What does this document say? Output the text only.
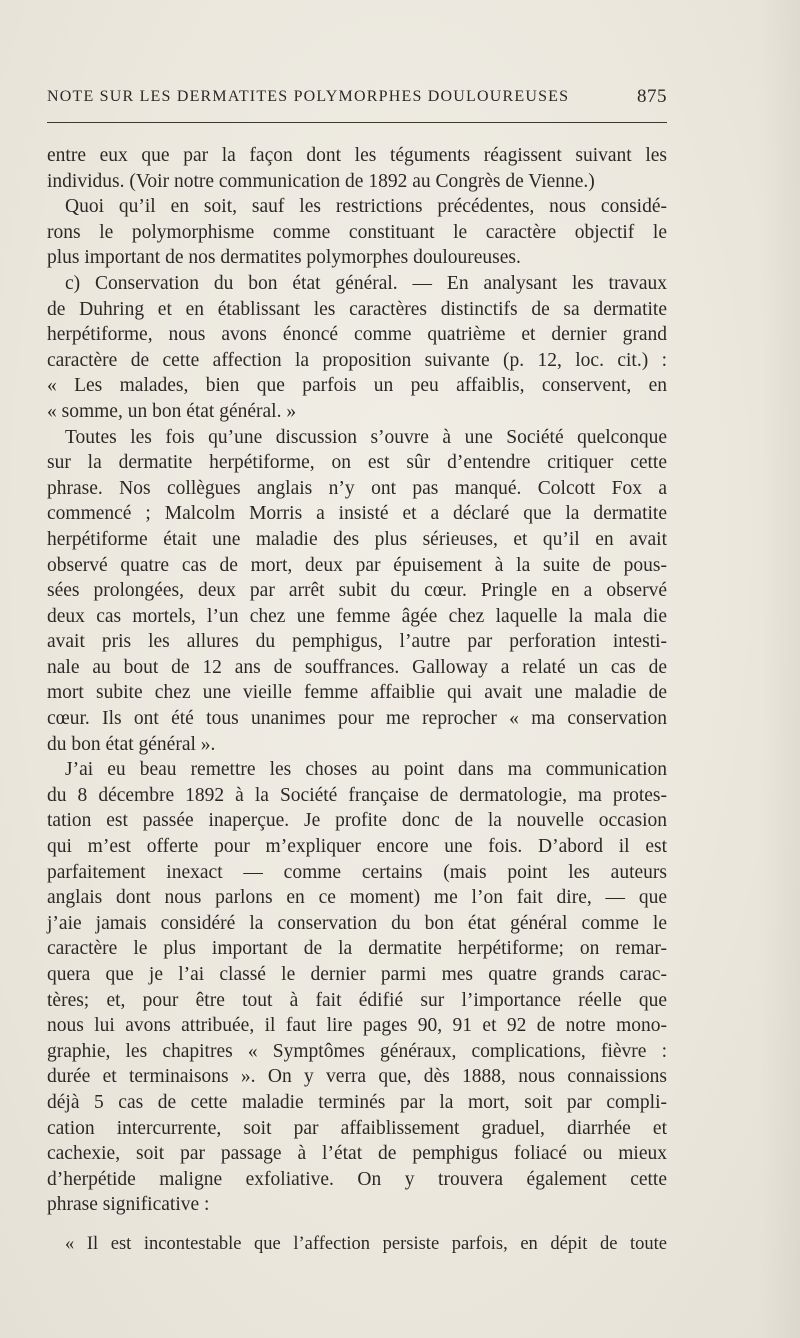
NOTE SUR LES DERMATITES POLYMORPHES DOULOUREUSES	875
entre eux que par la façon dont les téguments réagissent suivant les
individus. (Voir notre communication de 1892 au Congrès de Vienne.)
Quoi qu’il en soit, sauf les restrictions précédentes, nous considé-
rons le polymorphisme comme constituant le caractère objectif le
plus important de nos dermatites polymorphes douloureuses.
c) Conservation du bon état général. — En analysant les travaux
de Duhring et en établissant les caractères distinctifs de sa dermatite
herpétiforme, nous avons énoncé comme quatrième et dernier grand
caractère de cette affection la proposition suivante (p. 12, loc. cit.) :
« Les malades, bien que parfois un peu affaiblis, conservent, en
« somme, un bon état général. »
Toutes les fois qu’une discussion s’ouvre à une Société quelconque
sur la dermatite herpétiforme, on est sûr d’entendre critiquer cette
phrase. Nos collègues anglais n’y ont pas manqué. Colcott Fox a
commencé ; Malcolm Morris a insisté et a déclaré que la dermatite
herpétiforme était une maladie des plus sérieuses, et qu’il en avait
observé quatre cas de mort, deux par épuisement à la suite de pous-
sées prolongées, deux par arrêt subit du cœur. Pringle en a observé
deux cas mortels, l’un chez une femme âgée chez laquelle la mala die
avait pris les allures du pemphigus, l’autre par perforation intesti-
nale au bout de 12 ans de souffrances. Galloway a relaté un cas de
mort subite chez une vieille femme affaiblie qui avait une maladie de
cœur. Ils ont été tous unanimes pour me reprocher « ma conservation
du bon état général ».
J’ai eu beau remettre les choses au point dans ma communication
du 8 décembre 1892 à la Société française de dermatologie, ma protes-
tation est passée inaperçue. Je profite donc de la nouvelle occasion
qui m’est offerte pour m’expliquer encore une fois. D’abord il est
parfaitement inexact — comme certains (mais point les auteurs
anglais dont nous parlons en ce moment) me l’on fait dire, — que
j’aie jamais considéré la conservation du bon état général comme le
caractère le plus important de la dermatite herpétiforme; on remar-
quera que je l’ai classé le dernier parmi mes quatre grands carac-
tères; et, pour être tout à fait édifié sur l’importance réelle que
nous lui avons attribuée, il faut lire pages 90, 91 et 92 de notre mono-
graphie, les chapitres « Symptômes généraux, complications, fièvre :
durée et terminaisons ». On y verra que, dès 1888, nous connaissions
déjà 5 cas de cette maladie terminés par la mort, soit par compli-
cation intercurrente, soit par affaiblissement graduel, diarrhée et
cachexie, soit par passage à l’état de pemphigus foliacé ou mieux
d’herpétide maligne exfoliative. On y trouvera également cette
phrase significative :
« Il est incontestable que l’affection persiste parfois, en dépit de toute
